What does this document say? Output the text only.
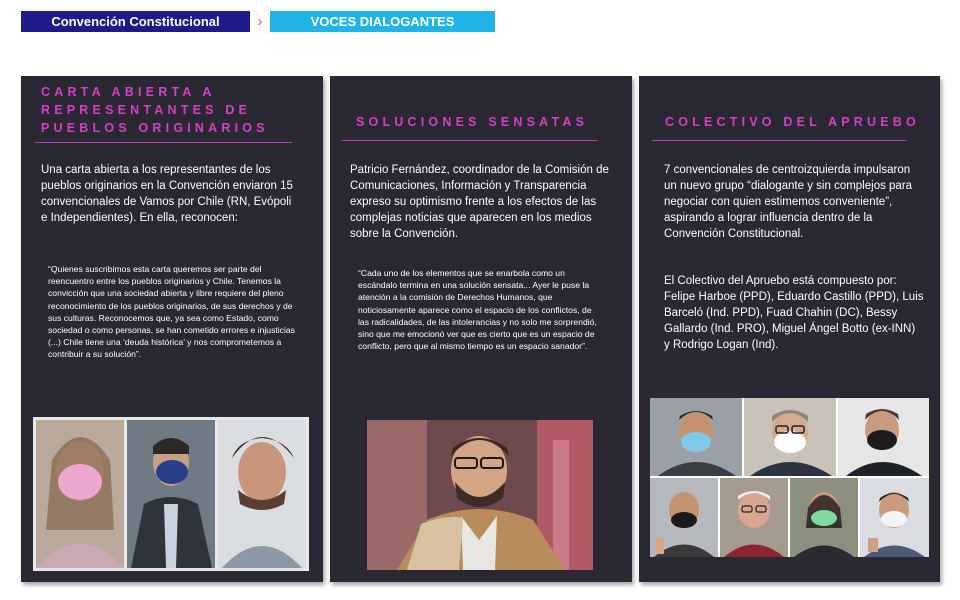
Convención Constitucional	›	VOCES DIALOGANTES
CARTA ABIERTA A
REPRESENTANTES DE
PUEBLOS ORIGINARIOS
Una carta abierta a los representantes de los pueblos originarios en la Convención enviaron 15 convencionales de Vamos por Chile (RN, Evópoli e Independientes). En ella, reconocen:
“Quienes suscribimos esta carta queremos ser parte del reencuentro entre los pueblos originarios y Chile. Tenemos la convicción que una sociedad abierta y libre requiere del pleno reconocimiento de los pueblos originarios, de sus derechos y de sus culturas. Reconocemos que, ya sea como Estado, como sociedad o como personas, se han cometido errores e injusticias (...) Chile tiene una ‘deuda histórica’ y nos comprometemos a contribuir a su solución”.
SOLUCIONES SENSATAS
Patricio Fernández, coordinador de la Comisión de Comunicaciones, Información y Transparencia expreso su optimismo frente a los efectos de las complejas noticias que aparecen en los medios sobre la Convención.
“Cada uno de los elementos que se enarbola como un escándalo termina en una solución sensata... Ayer le puse la atención a la comisión de Derechos Humanos, que noticiosamente aparece como el espacio de los conflictos, de las radicalidades, de las intolerancias y no solo me sorprendió, sino que me emocionó ver que es cierto que es un espacio de conflicto, pero que al mismo tiempo es un espacio sanador”.
COLECTIVO DEL APRUEBO
7 convencionales de centroizquierda impulsaron un nuevo grupo “dialogante y sin complejos para negociar con quien estimemos conveniente”, aspirando a lograr influencia dentro de la Convención Constitucional.
El Colectivo del Apruebo está compuesto por: Felipe Harboe (PPD), Eduardo Castillo (PPD), Luis Barceló (Ind. PPD), Fuad Chahin (DC), Bessy Gallardo (Ind. PRO), Miguel Ángel Botto (ex-INN) y Rodrigo Logan (Ind).
